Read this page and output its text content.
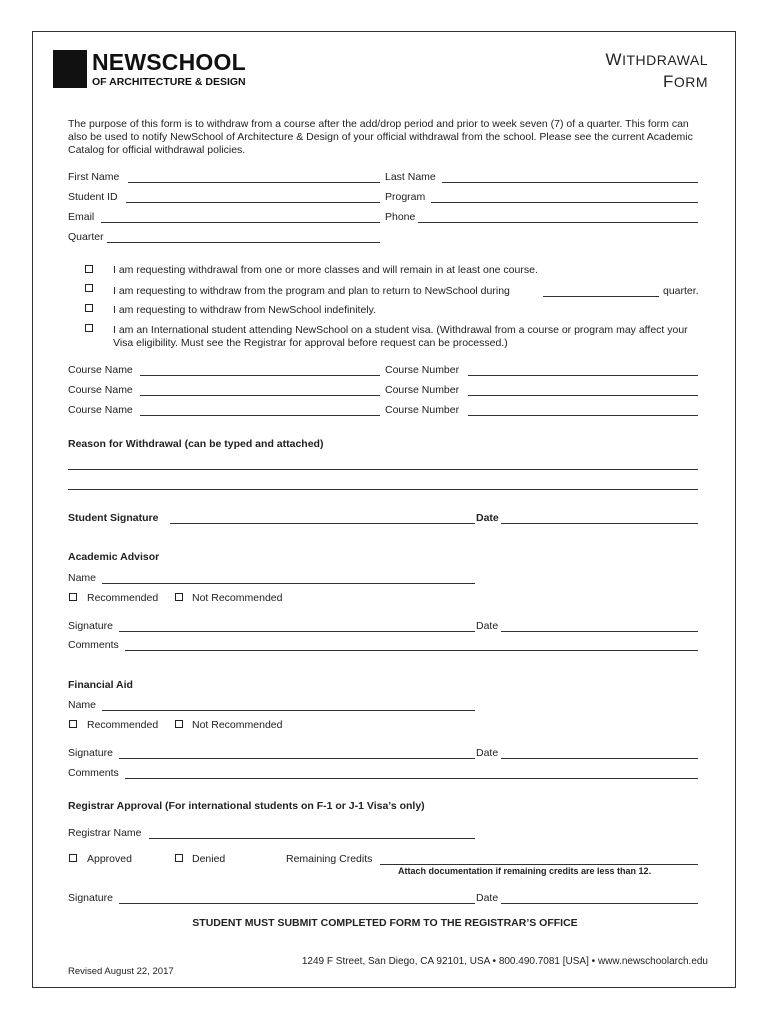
NEWSCHOOL
OF ARCHITECTURE & DESIGN
WITHDRAWAL
FORM
The purpose of this form is to withdraw from a course after the add/drop period and prior to week seven (7) of a quarter. This form can also be used to notify NewSchool of Architecture & Design of your official withdrawal from the school. Please see the current Academic Catalog for official withdrawal policies.
First Name	Last Name
Student ID	Program
Email	Phone
Quarter
I am requesting withdrawal from one or more classes and will remain in at least one course.
I am requesting to withdraw from the program and plan to return to NewSchool during	quarter.
I am requesting to withdraw from NewSchool indefinitely.
I am an International student attending NewSchool on a student visa. (Withdrawal from a course or program may affect your Visa eligibility. Must see the Registrar for approval before request can be processed.)
Course Name	Course Number
Course Name	Course Number
Course Name	Course Number
Reason for Withdrawal (can be typed and attached)
Student Signature	Date
Academic Advisor
Name
Recommended	Not Recommended
Signature	Date
Comments
Financial Aid
Name
Recommended	Not Recommended
Signature	Date
Comments
Registrar Approval (For international students on F-1 or J-1 Visa’s only)
Registrar Name
Approved	Denied	Remaining Credits
Attach documentation if remaining credits are less than 12.
Signature	Date
STUDENT MUST SUBMIT COMPLETED FORM TO THE REGISTRAR’S OFFICE
1249 F Street, San Diego, CA 92101, USA • 800.490.7081 [USA] • www.newschoolarch.edu
Revised August 22, 2017
